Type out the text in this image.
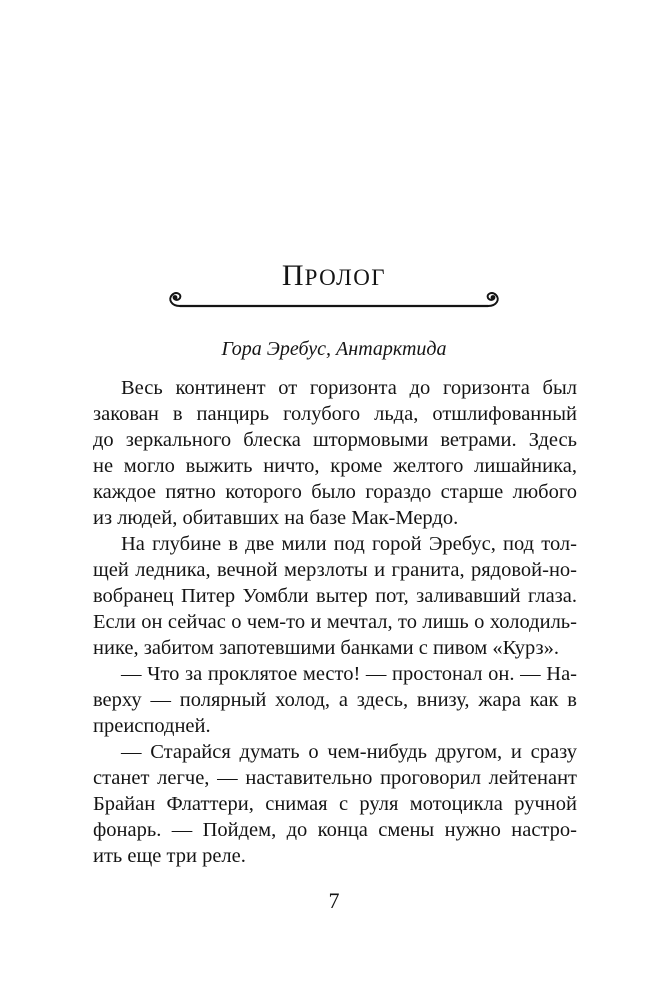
ПРОЛОГ

Гора Эребус, Антарктида

Весь континент от горизонта до горизонта был
закован в панцирь голубого льда, отшлифованный
до зеркального блеска штормовыми ветрами. Здесь
не могло выжить ничто, кроме желтого лишайника,
каждое пятно которого было гораздо старше любого
из людей, обитавших на базе Мак-Мердо.
На глубине в две мили под горой Эребус, под тол-
щей ледника, вечной мерзлоты и гранита, рядовой-но-
вобранец Питер Уомбли вытер пот, заливавший глаза.
Если он сейчас о чем-то и мечтал, то лишь о холодиль-
нике, забитом запотевшими банками с пивом «Курз».
— Что за проклятое место! — простонал он. — На-
верху — полярный холод, а здесь, внизу, жара как в
преисподней.
— Старайся думать о чем-нибудь другом, и сразу
станет легче, — наставительно проговорил лейтенант
Брайан Флаттери, снимая с руля мотоцикла ручной
фонарь. — Пойдем, до конца смены нужно настро-
ить еще три реле.

7
